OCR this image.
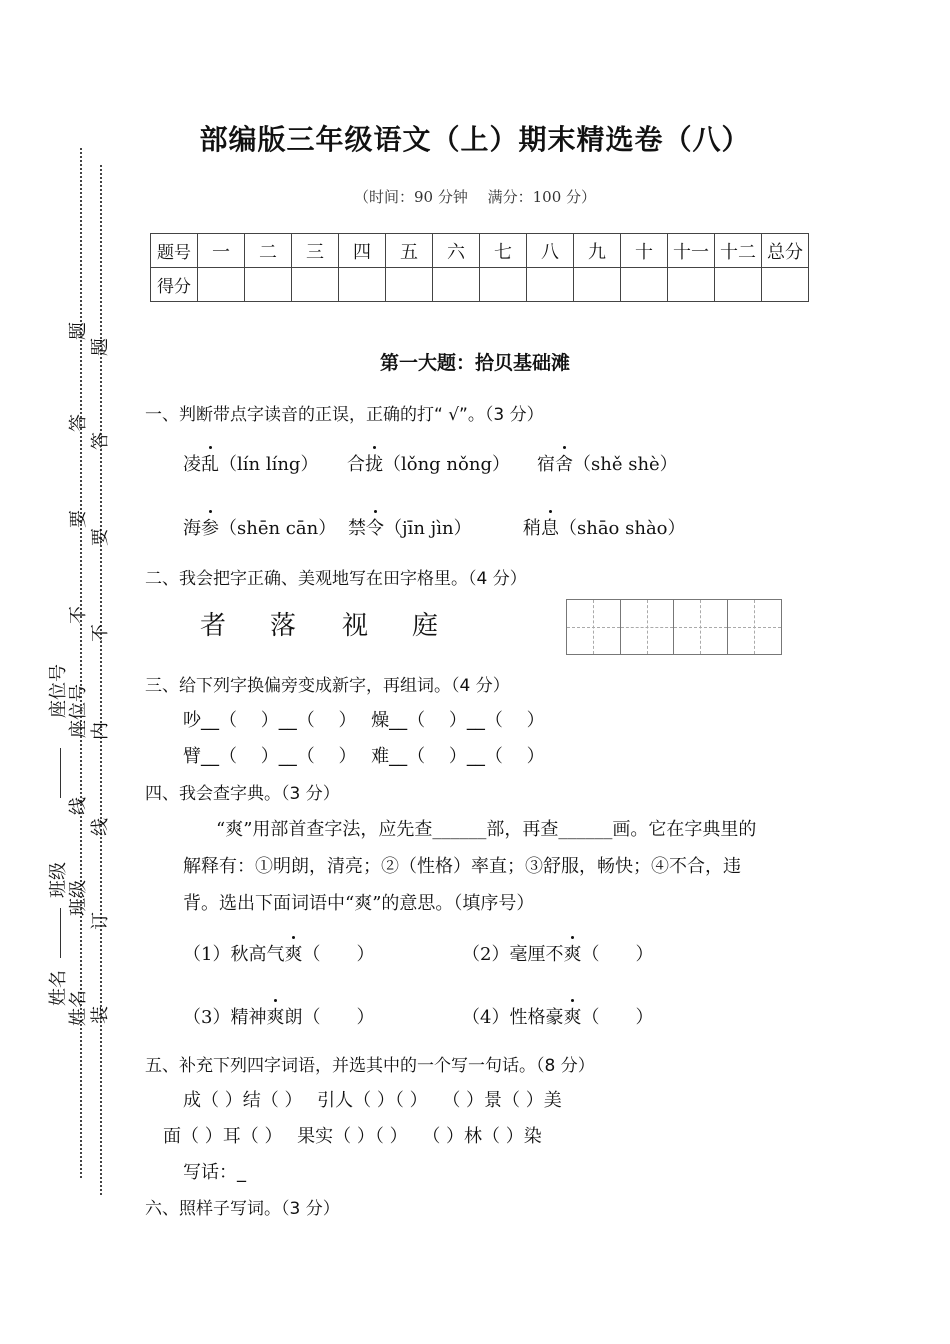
题
题
答
答
要
要
不
不
座位号 座位号 内
线
线
班级 班级
订
姓名
姓名 装
部编版三年级语文（上）期末精选卷（八）
（时间：90 分钟　 满分：100 分）
题号	一	二	三	四	五	六	七	八	九	十	十一	十二	总分
得分													
第一大题：拾贝基础滩
一、判断带点字读音的正误，正确的打“ √”。（3 分）
凌乱（lín líng） 合拢（lǒng nǒng） 宿舍（shě shè）
海参（shēn cān） 禁令（jīn jìn）	稍息（shāo shào）
二、我会把字正确、美观地写在田字格里。（4 分）
者 落 视 庭
三、给下列字换偏旁变成新字，再组词。（4 分）
吵__（　 ）__（　 ）　 燥__（　 ）__（　 ）
臂__（　 ）__（　 ）　 难__（　 ）__（　 ）
四、我会查字典。（3 分）
“爽”用部首查字法，应先查______部，再查______画。它在字典里的
解释有：①明朗，清亮；②（性格）率直；③舒服，畅快；④不合，违
背。选出下面词语中“爽”的意思。（填序号）
（1）秋高气爽（　　）	（2）毫厘不爽（　　）
（3）精神爽朗（　　）	（4）性格豪爽（　　）
五、补充下列四字词语，并选其中的一个写一句话。（8 分）
成（ ）结（ ）　 引人（ ）（ ）　 （ ）景（ ）美
面（ ）耳（ ）　 果实（ ）（ ）　 （ ）林（ ）染
写话：_
六、照样子写词。（3 分）
